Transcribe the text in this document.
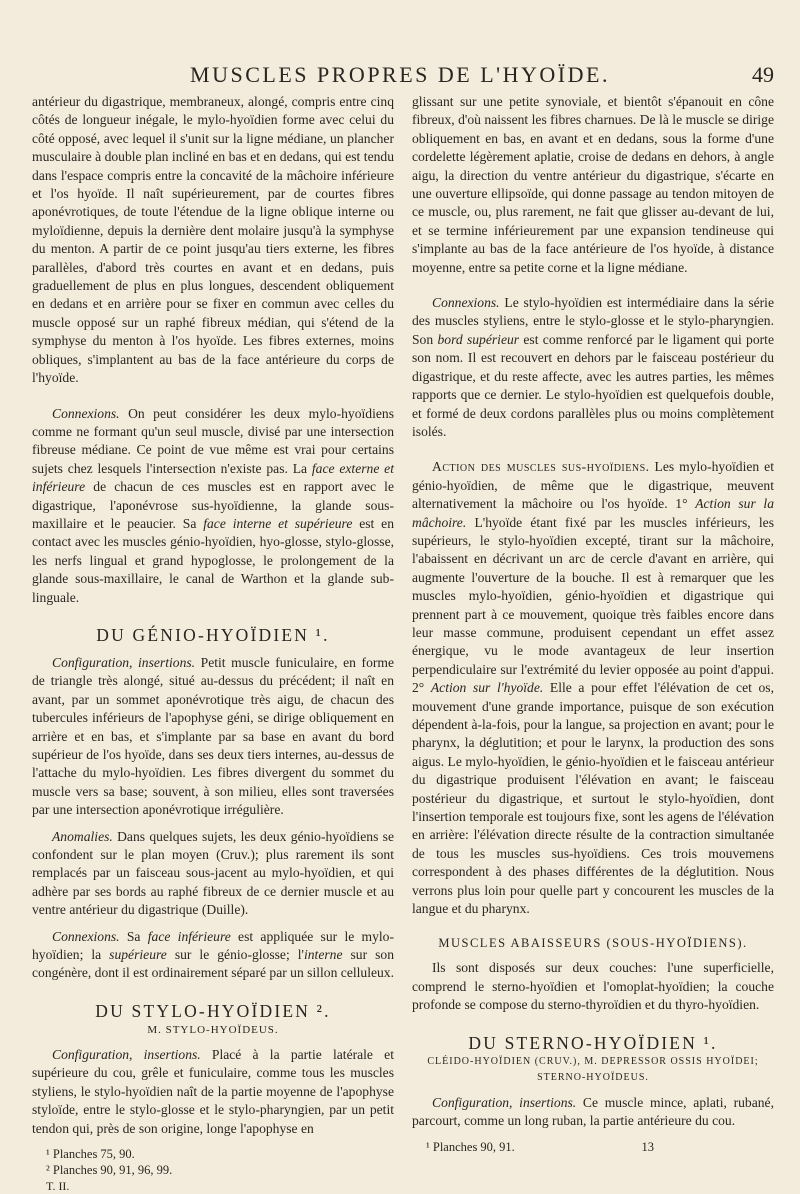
MUSCLES PROPRES DE L'HYOÏDE.	49

antérieur du digastrique, membraneux, alongé, compris entre cinq côtés de longueur inégale, le mylo-hyoïdien forme avec celui du côté opposé, avec lequel il s'unit sur la ligne médiane, un plancher musculaire à double plan incliné en bas et en dedans, qui est tendu dans l'espace compris entre la concavité de la mâchoire inférieure et l'os hyoïde. Il naît supérieurement, par de courtes fibres aponévrotiques, de toute l'étendue de la ligne oblique interne ou myloïdienne, depuis la dernière dent molaire jusqu'à la symphyse du menton. A partir de ce point jusqu'au tiers externe, les fibres parallèles, d'abord très courtes en avant et en dedans, puis graduellement de plus en plus longues, descendent obliquement en dedans et en arrière pour se fixer en commun avec celles du muscle opposé sur un raphé fibreux médian, qui s'étend de la symphyse du menton à l'os hyoïde. Les fibres externes, moins obliques, s'implantent au bas de la face antérieure du corps de l'hyoïde.

Connexions. On peut considérer les deux mylo-hyoïdiens comme ne formant qu'un seul muscle, divisé par une intersection fibreuse médiane. Ce point de vue même est vrai pour certains sujets chez lesquels l'intersection n'existe pas. La face externe et inférieure de chacun de ces muscles est en rapport avec le digastrique, l'aponévrose sus-hyoïdienne, la glande sous-maxillaire et le peaucier. Sa face interne et supérieure est en contact avec les muscles génio-hyoïdien, hyo-glosse, stylo-glosse, les nerfs lingual et grand hypoglosse, le prolongement de la glande sous-maxillaire, le canal de Warthon et la glande sub-linguale.

DU GÉNIO-HYOÏDIEN ¹.

Configuration, insertions. Petit muscle funiculaire, en forme de triangle très alongé, situé au-dessus du précédent; il naît en avant, par un sommet aponévrotique très aigu, de chacun des tubercules inférieurs de l'apophyse géni, se dirige obliquement en arrière et en bas, et s'implante par sa base en avant du bord supérieur de l'os hyoïde, dans ses deux tiers internes, au-dessus de l'attache du mylo-hyoïdien. Les fibres divergent du sommet du muscle vers sa base; souvent, à son milieu, elles sont traversées par une intersection aponévrotique irrégulière.

Anomalies. Dans quelques sujets, les deux génio-hyoïdiens se confondent sur le plan moyen (Cruv.); plus rarement ils sont remplacés par un faisceau sous-jacent au mylo-hyoïdien, et qui adhère par ses bords au raphé fibreux de ce dernier muscle et au ventre antérieur du digastrique (Duille).

Connexions. Sa face inférieure est appliquée sur le mylo-hyoïdien; la supérieure sur le génio-glosse; l'interne sur son congénère, dont il est ordinairement séparé par un sillon celluleux.

DU STYLO-HYOÏDIEN ².
M. STYLO-HYOÏDEUS.

Configuration, insertions. Placé à la partie latérale et supérieure du cou, grêle et funiculaire, comme tous les muscles styliens, le stylo-hyoïdien naît de la partie moyenne de l'apophyse styloïde, entre le stylo-glosse et le stylo-pharyngien, par un petit tendon qui, près de son origine, longe l'apophyse en

¹ Planches 75, 90.
² Planches 90, 91, 96, 99.
T. II.

glissant sur une petite synoviale, et bientôt s'épanouit en cône fibreux, d'où naissent les fibres charnues. De là le muscle se dirige obliquement en bas, en avant et en dedans, sous la forme d'une cordelette légèrement aplatie, croise de dedans en dehors, à angle aigu, la direction du ventre antérieur du digastrique, s'écarte en une ouverture ellipsoïde, qui donne passage au tendon mitoyen de ce muscle, ou, plus rarement, ne fait que glisser au-devant de lui, et se termine inférieurement par une expansion tendineuse qui s'implante au bas de la face antérieure de l'os hyoïde, à distance moyenne, entre sa petite corne et la ligne médiane.

Connexions. Le stylo-hyoïdien est intermédiaire dans la série des muscles styliens, entre le stylo-glosse et le stylo-pharyngien. Son bord supérieur est comme renforcé par le ligament qui porte son nom. Il est recouvert en dehors par le faisceau postérieur du digastrique, et du reste affecte, avec les autres parties, les mêmes rapports que ce dernier. Le stylo-hyoïdien est quelquefois double, et formé de deux cordons parallèles plus ou moins complètement isolés.

Action des muscles sus-hyoïdiens. Les mylo-hyoïdien et génio-hyoïdien, de même que le digastrique, meuvent alternativement la mâchoire ou l'os hyoïde. 1° Action sur la mâchoire. L'hyoïde étant fixé par les muscles inférieurs, les supérieurs, le stylo-hyoïdien excepté, tirant sur la mâchoire, l'abaissent en décrivant un arc de cercle d'avant en arrière, qui augmente l'ouverture de la bouche. Il est à remarquer que les muscles mylo-hyoïdien, génio-hyoïdien et digastrique qui prennent part à ce mouvement, quoique très faibles encore dans leur masse commune, produisent cependant un effet assez énergique, vu le mode avantageux de leur insertion perpendiculaire sur l'extrémité du levier opposée au point d'appui. 2° Action sur l'hyoïde. Elle a pour effet l'élévation de cet os, mouvement d'une grande importance, puisque de son exécution dépendent à-la-fois, pour la langue, sa projection en avant; pour le pharynx, la déglutition; et pour le larynx, la production des sons aigus. Le mylo-hyoïdien, le génio-hyoïdien et le faisceau antérieur du digastrique produisent l'élévation en avant; le faisceau postérieur du digastrique, et surtout le stylo-hyoïdien, dont l'insertion temporale est toujours fixe, sont les agens de l'élévation en arrière: l'élévation directe résulte de la contraction simultanée de tous les muscles sus-hyoïdiens. Ces trois mouvemens correspondent à des phases différentes de la déglutition. Nous verrons plus loin pour quelle part y concourent les muscles de la langue et du pharynx.

MUSCLES ABAISSEURS (SOUS-HYOÏDIENS).

Ils sont disposés sur deux couches: l'une superficielle, comprend le sterno-hyoïdien et l'omoplat-hyoïdien; la couche profonde se compose du sterno-thyroïdien et du thyro-hyoïdien.

DU STERNO-HYOÏDIEN ¹.
CLÉIDO-HYOÏDIEN (CRUV.), M. DEPRESSOR OSSIS HYOÏDEI; STERNO-HYOÏDEUS.

Configuration, insertions. Ce muscle mince, aplati, rubané, parcourt, comme un long ruban, la partie antérieure du cou.

¹ Planches 90, 91.	13
